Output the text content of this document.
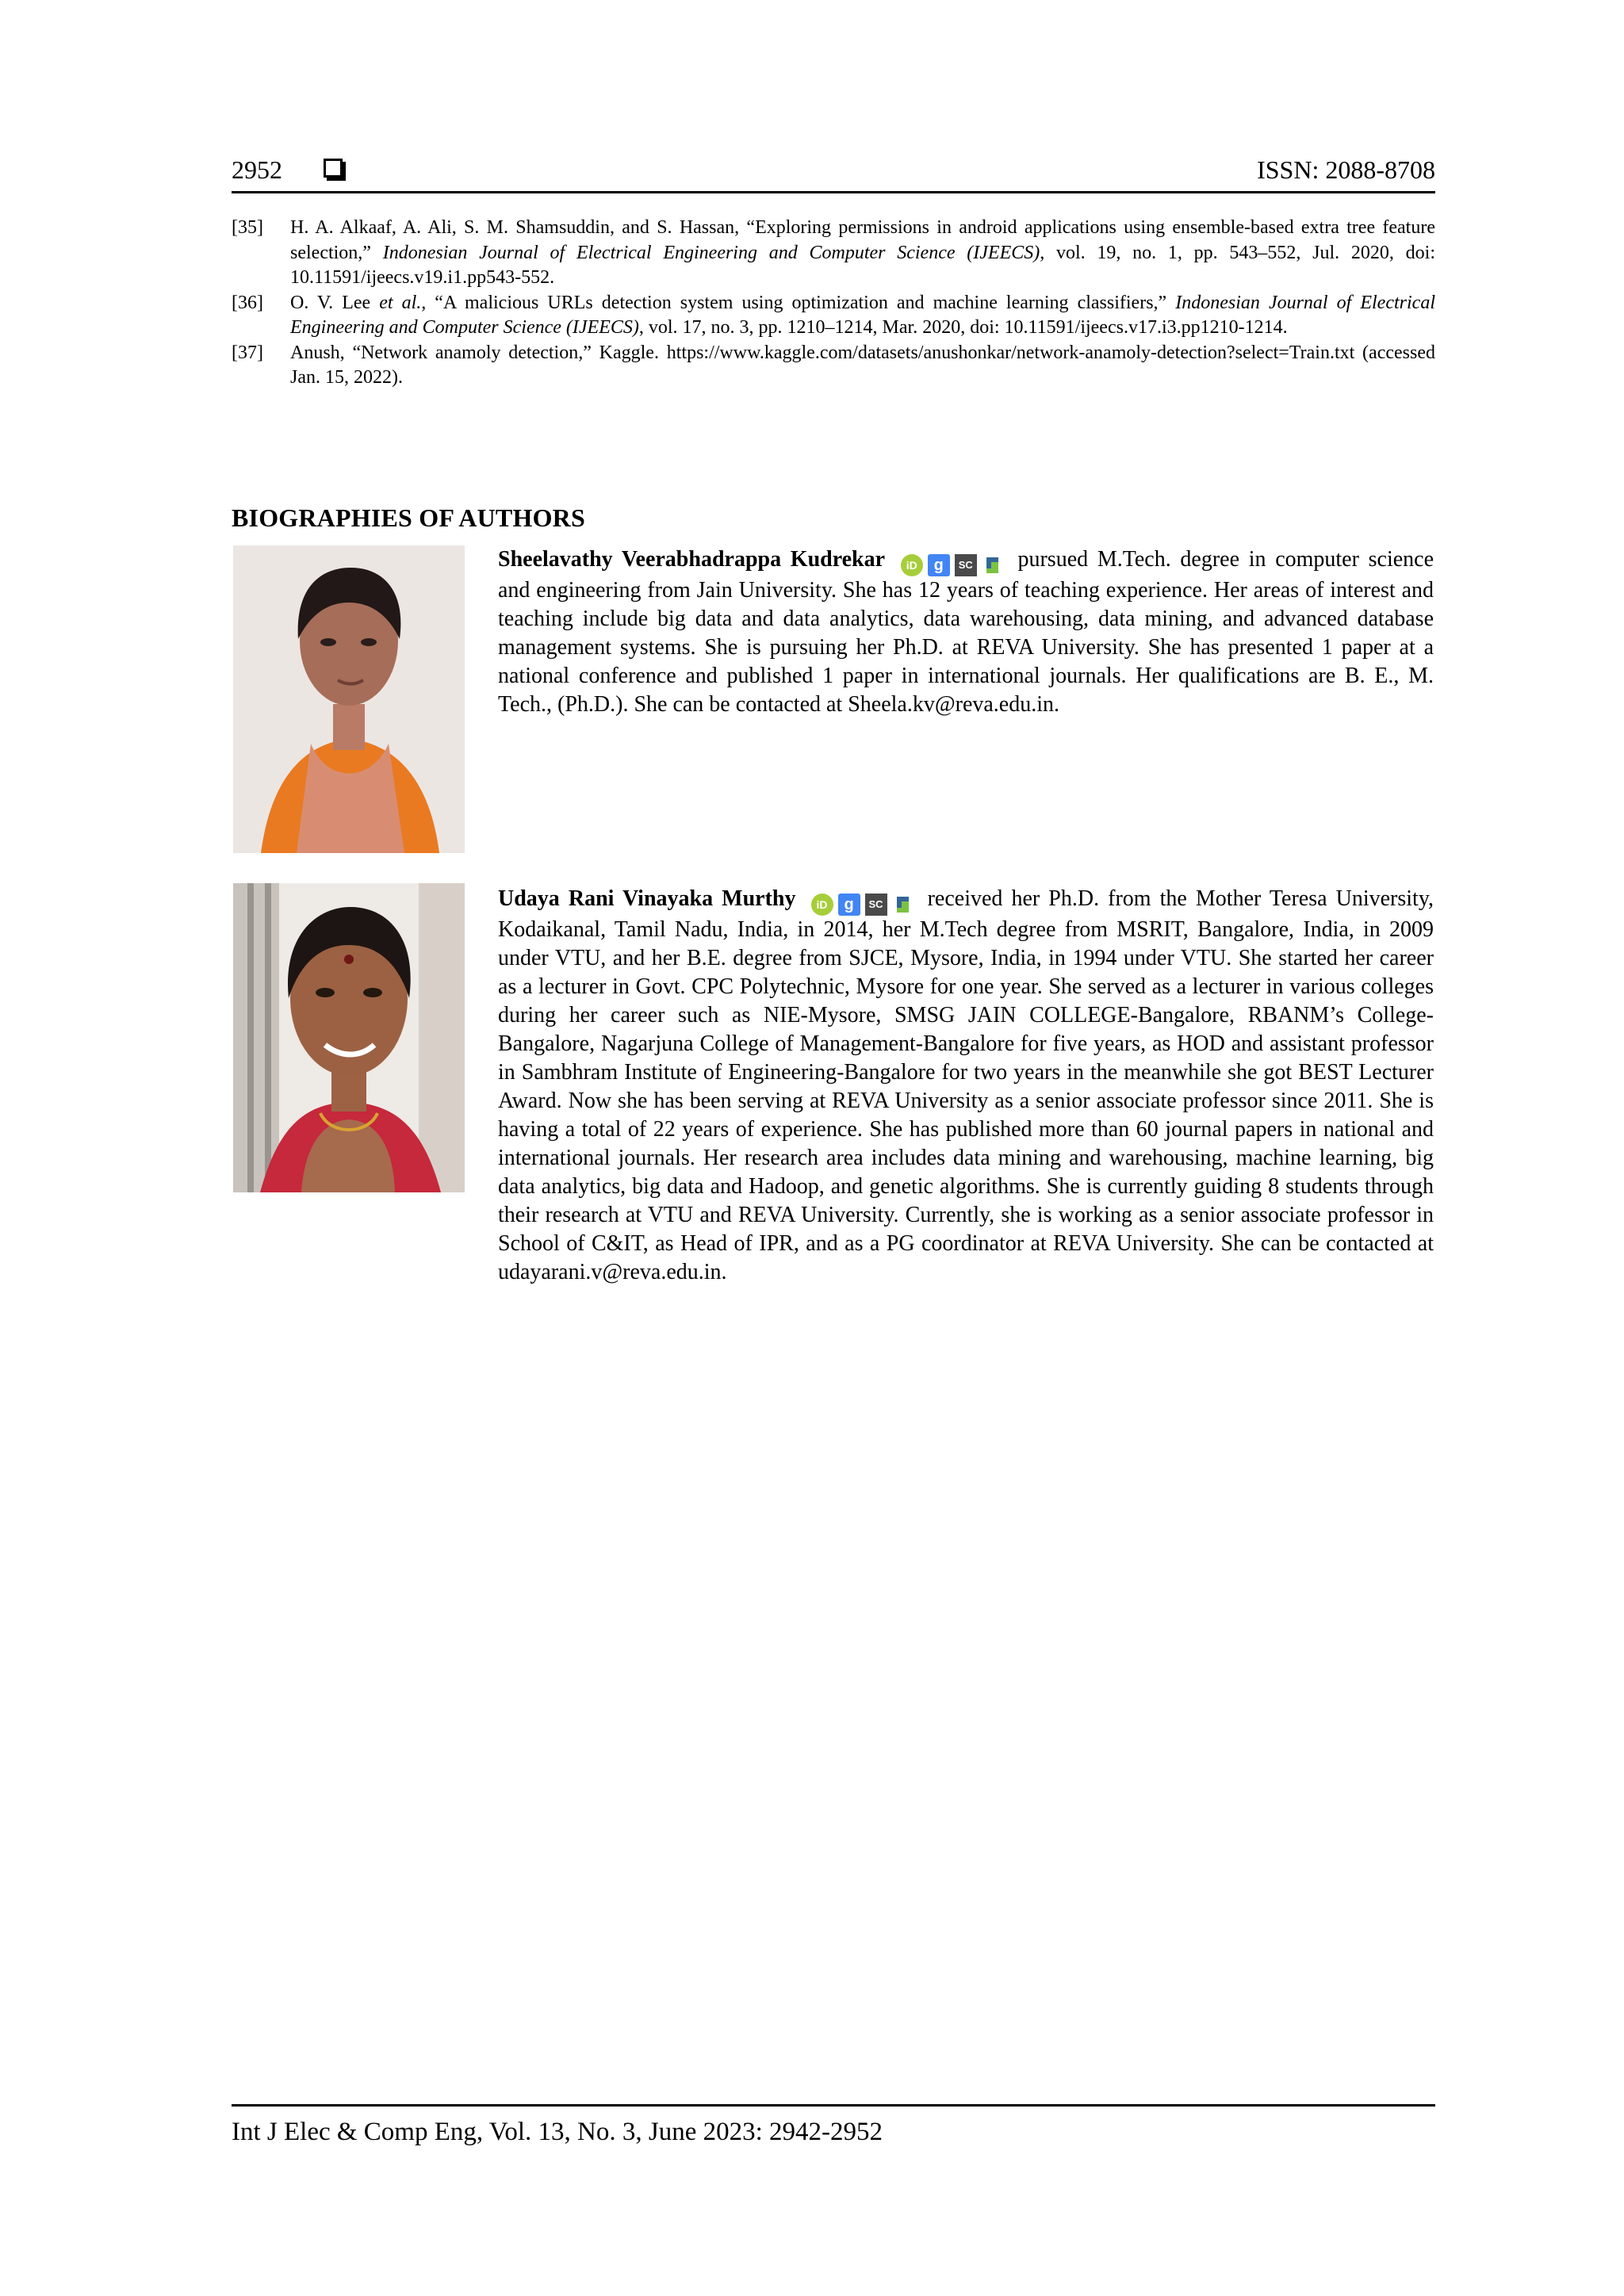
2952	ISSN: 2088-8708
[35]	H. A. Alkaaf, A. Ali, S. M. Shamsuddin, and S. Hassan, “Exploring permissions in android applications using ensemble-based extra tree feature selection,” Indonesian Journal of Electrical Engineering and Computer Science (IJEECS), vol. 19, no. 1, pp. 543–552, Jul. 2020, doi: 10.11591/ijeecs.v19.i1.pp543-552.
[36]	O. V. Lee et al., “A malicious URLs detection system using optimization and machine learning classifiers,” Indonesian Journal of Electrical Engineering and Computer Science (IJEECS), vol. 17, no. 3, pp. 1210–1214, Mar. 2020, doi: 10.11591/ijeecs.v17.i3.pp1210-1214.
[37]	Anush, “Network anamoly detection,” Kaggle. https://www.kaggle.com/datasets/anushonkar/network-anamoly-detection?select=Train.txt (accessed Jan. 15, 2022).
BIOGRAPHIES OF AUTHORS
Sheelavathy Veerabhadrappa Kudrekar iD g SC pursued M.Tech. degree in computer science and engineering from Jain University. She has 12 years of teaching experience. Her areas of interest and teaching include big data and data analytics, data warehousing, data mining, and advanced database management systems. She is pursuing her Ph.D. at REVA University. She has presented 1 paper at a national conference and published 1 paper in international journals. Her qualifications are B. E., M. Tech., (Ph.D.). She can be contacted at Sheela.kv@reva.edu.in.
Udaya Rani Vinayaka Murthy iD g SC received her Ph.D. from the Mother Teresa University, Kodaikanal, Tamil Nadu, India, in 2014, her M.Tech degree from MSRIT, Bangalore, India, in 2009 under VTU, and her B.E. degree from SJCE, Mysore, India, in 1994 under VTU. She started her career as a lecturer in Govt. CPC Polytechnic, Mysore for one year. She served as a lecturer in various colleges during her career such as NIE-Mysore, SMSG JAIN COLLEGE-Bangalore, RBANM’s College-Bangalore, Nagarjuna College of Management-Bangalore for five years, as HOD and assistant professor in Sambhram Institute of Engineering-Bangalore for two years in the meanwhile she got BEST Lecturer Award. Now she has been serving at REVA University as a senior associate professor since 2011. She is having a total of 22 years of experience. She has published more than 60 journal papers in national and international journals. Her research area includes data mining and warehousing, machine learning, big data analytics, big data and Hadoop, and genetic algorithms. She is currently guiding 8 students through their research at VTU and REVA University. Currently, she is working as a senior associate professor in School of C&IT, as Head of IPR, and as a PG coordinator at REVA University. She can be contacted at udayarani.v@reva.edu.in.
Int J Elec & Comp Eng, Vol. 13, No. 3, June 2023: 2942-2952
